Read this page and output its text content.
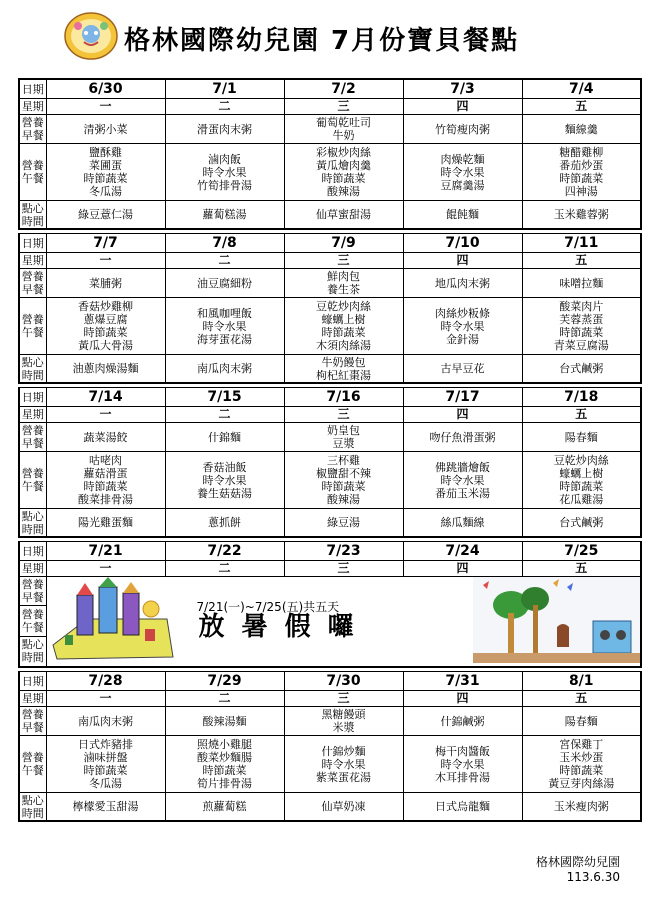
格林國際幼兒園 7月份寶貝餐點
日期	6/30	7/1	7/2	7/3	7/4
星期	一	二	三	四	五
營養早餐	清粥小菜	滑蛋肉末粥	葡萄乾吐司
牛奶	竹筍瘦肉粥	麵線羹

營養午餐	鹽酥雞
菜圃蛋
時節蔬菜
冬瓜湯	滷肉飯
時令水果
竹筍排骨湯	彩椒炒肉絲
黃瓜燴肉羹
時節蔬菜
酸辣湯	肉燥乾麵
時令水果
豆腐羹湯	糖醋雞柳
番茄炒蛋
時節蔬菜
四神湯

點心時間	綠豆薏仁湯	蘿蔔糕湯	仙草蜜甜湯	餛飩麵	玉米雞蓉粥
日期	7/7	7/8	7/9	7/10	7/11
星期	一	二	三	四	五
營養早餐	菜脯粥	油豆腐細粉	鮮肉包
養生茶	地瓜肉末粥	味噌拉麵

營養午餐	香菇炒雞柳
蔥爆豆腐
時節蔬菜
黃瓜大骨湯	和風咖哩飯
時令水果
海芽蛋花湯	豆乾炒肉絲
蠔蠣上樹
時節蔬菜
木須肉絲湯	肉絲炒粄條
時令水果
金針湯	酸菜肉片
芙蓉蒸蛋
時節蔬菜
青菜豆腐湯

點心時間	油蔥肉燥湯麵	南瓜肉末粥	牛奶饅包
枸杞紅棗湯	古早豆花	台式鹹粥
日期	7/14	7/15	7/16	7/17	7/18
星期	一	二	三	四	五
營養早餐	蔬菜湯餃	什錦麵	奶皇包
豆漿	吻仔魚滑蛋粥	陽春麵

營養午餐	咕咾肉
蘿菇滑蛋
時節蔬菜
酸菜排骨湯	香菇油飯
時令水果
養生菇菇湯	三杯雞
椒鹽甜不辣
時節蔬菜
酸辣湯	佛跳牆燴飯
時令水果
番茄玉米湯	豆乾炒肉絲
蠔蠣上樹
時節蔬菜
花瓜雞湯

點心時間	陽光雞蛋麵	蔥抓餅	綠豆湯	絲瓜麵線	台式鹹粥
日期	7/21	7/22	7/23	7/24	7/25
星期	一	二	三	四	五
營養早餐	7/21(一)~7/25(五)共五天
放 暑 假 囉				

營養午餐					
點心時間					
日期	7/28	7/29	7/30	7/31	8/1
星期	一	二	三	四	五
營養早餐	南瓜肉末粥	酸辣湯麵	黑糖饅頭
米漿	什錦鹹粥	陽春麵

營養午餐	日式炸豬排
滷味拼盤
時節蔬菜
冬瓜湯	照燒小雞腿
酸菜炒麵腸
時節蔬菜
筍片排骨湯	什錦炒麵
時令水果
紫菜蛋花湯	梅干肉醬飯
時令水果
木耳排骨湯	宮保雞丁
玉米炒蛋
時節蔬菜
黃豆芽肉絲湯

點心時間	檸檬愛玉甜湯	煎蘿蔔糕	仙草奶凍	日式烏龍麵	玉米瘦肉粥
格林國際幼兒園
113.6.30
